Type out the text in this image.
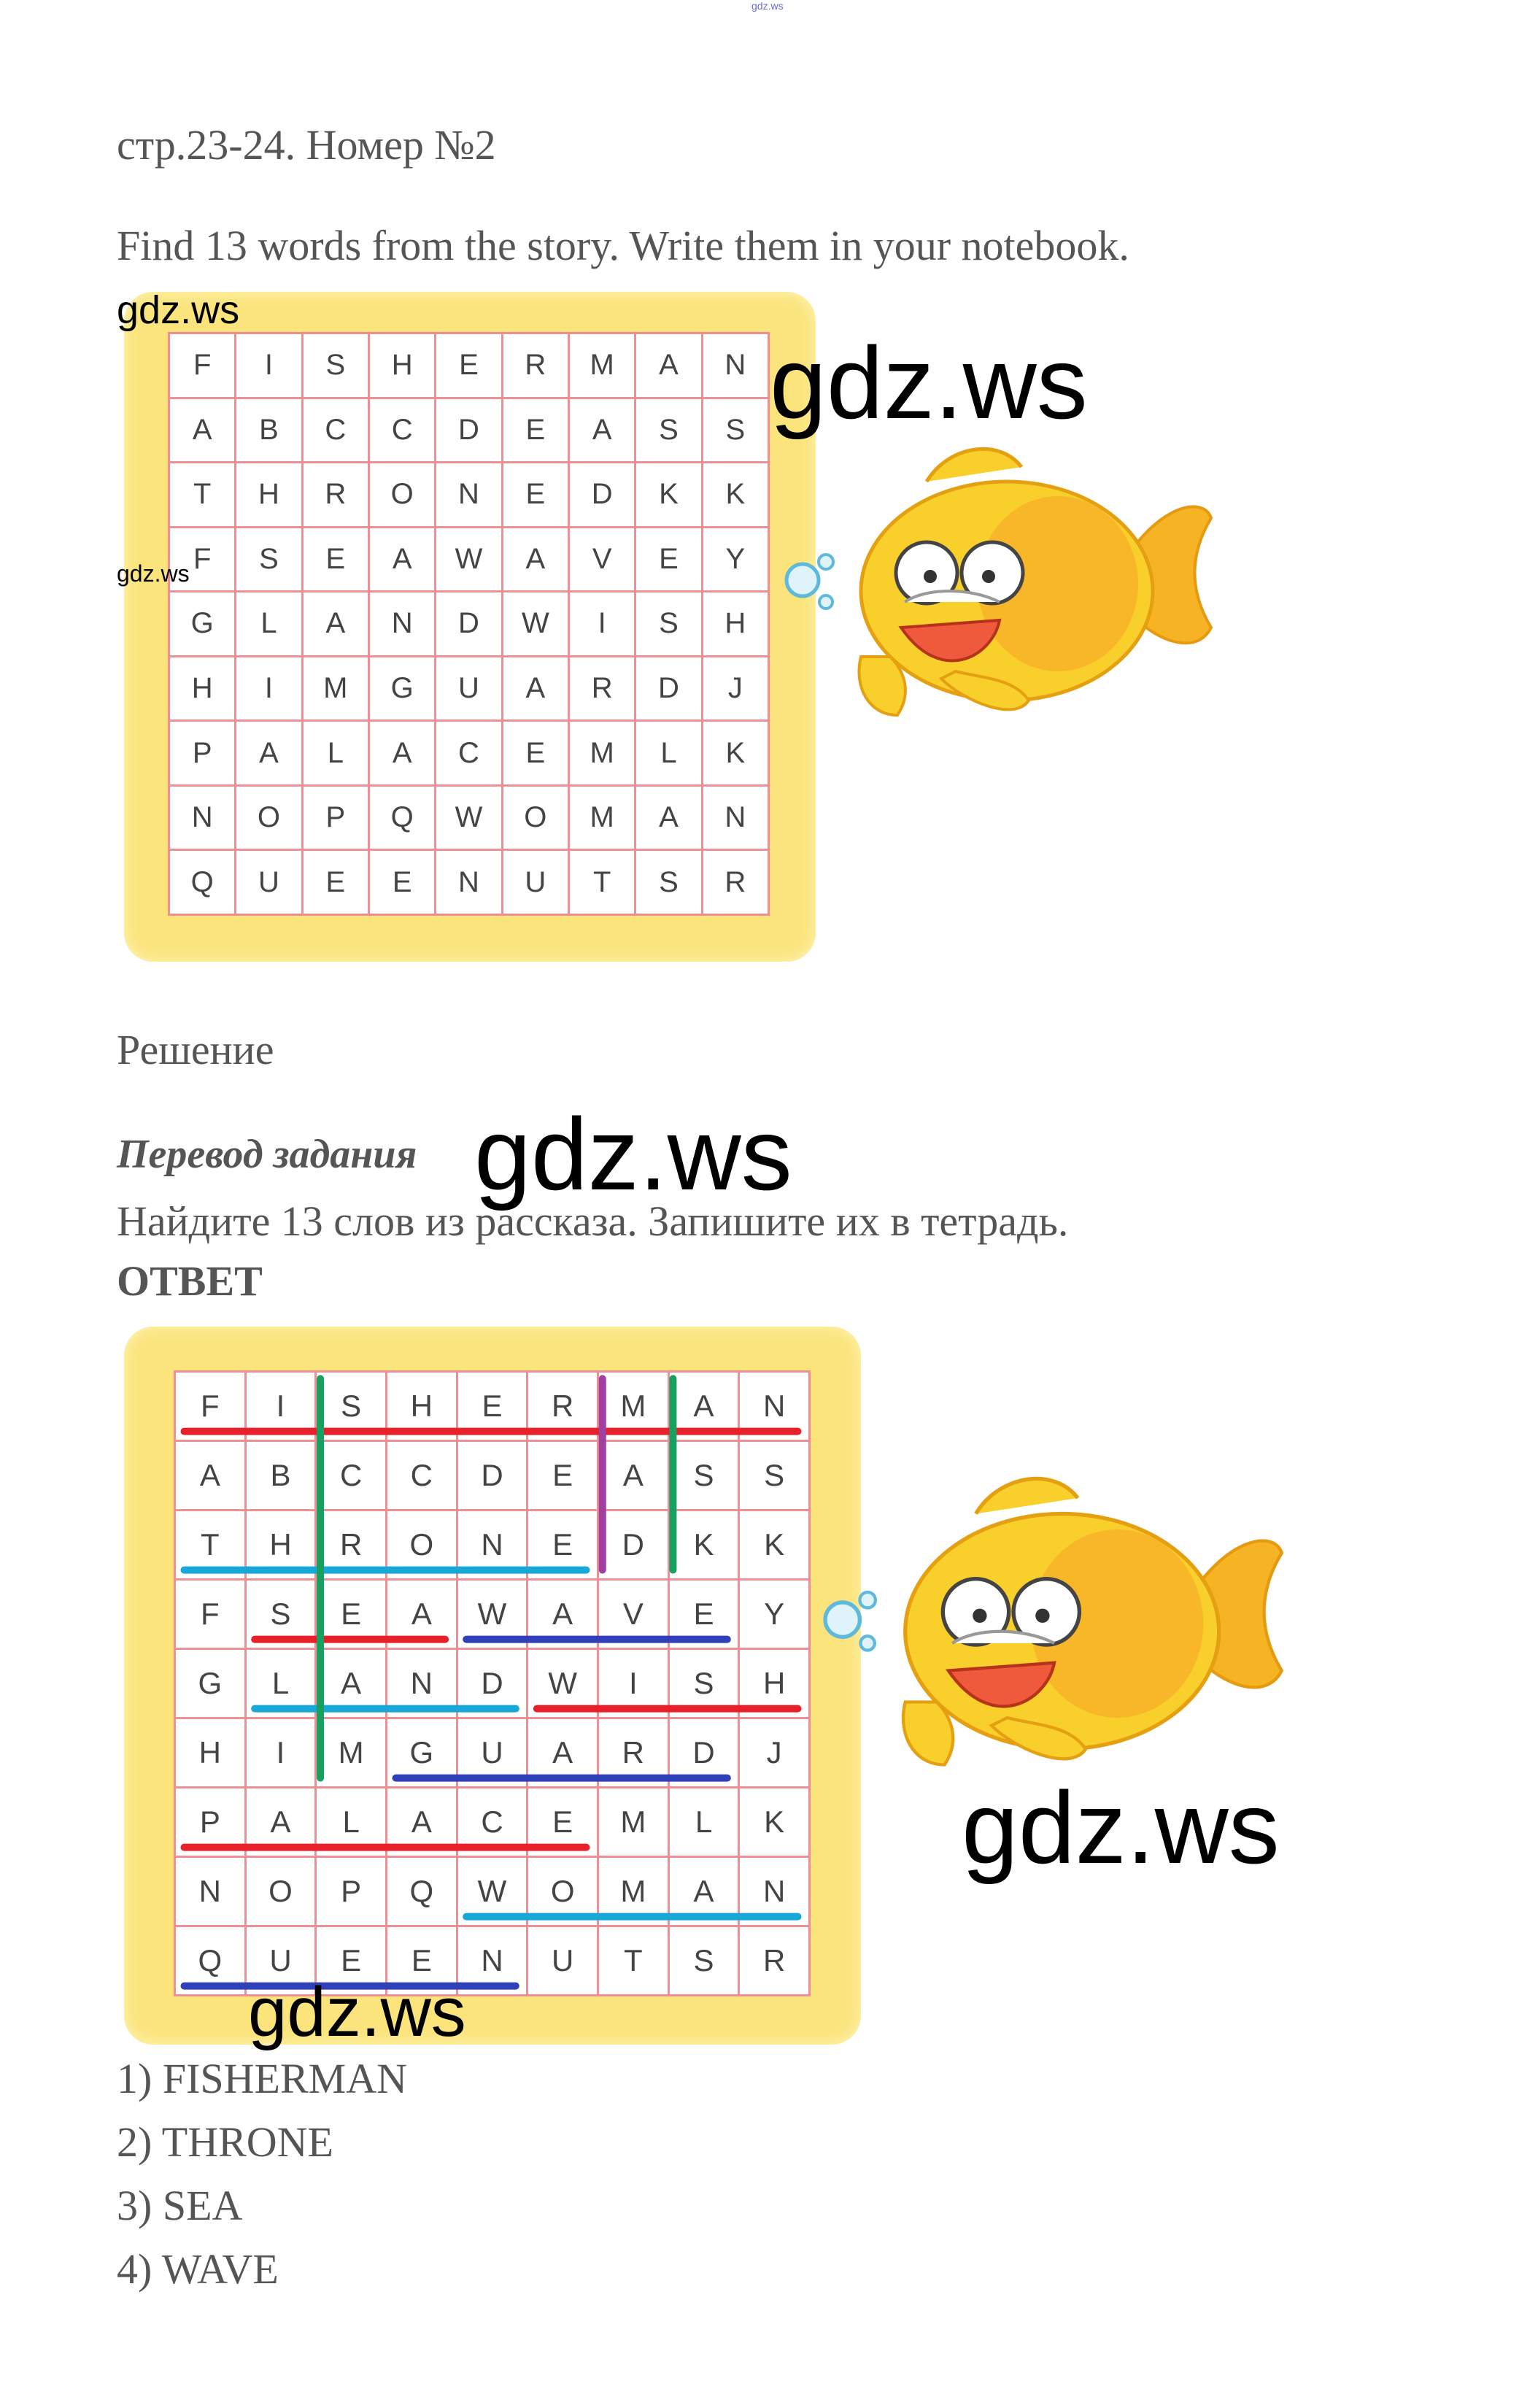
gdz.ws
стр.23-24. Номер №2
Find 13 words from the story. Write them in your notebook.
F	I	S	H	E	R	M	A	N
A	B	C	C	D	E	A	S	S
T	H	R	O	N	E	D	K	K
F	S	E	A	W	A	V	E	Y
G	L	A	N	D	W	I	S	H
H	I	M	G	U	A	R	D	J
P	A	L	A	C	E	M	L	K
N	O	P	Q	W	O	M	A	N
Q	U	E	E	N	U	T	S	R
gdz.ws
gdz.ws
gdz.ws
Решение
Перевод задания gdz.ws
Найдите 13 слов из рассказа. Запишите их в тетрадь.
ОТВЕТ
F	I	S	H	E	R	M	A	N
A	B	C	C	D	E	A	S	S
T	H	R	O	N	E	D	K	K
F	S	E	A	W	A	V	E	Y
G	L	A	N	D	W	I	S	H
H	I	M	G	U	A	R	D	J
P	A	L	A	C	E	M	L	K
N	O	P	Q	W	O	M	A	N
Q	U	E	E	N	U	T	S	R
gdz.ws
gdz.ws
1) FISHERMAN
2) THRONE
3) SEA
4) WAVE
